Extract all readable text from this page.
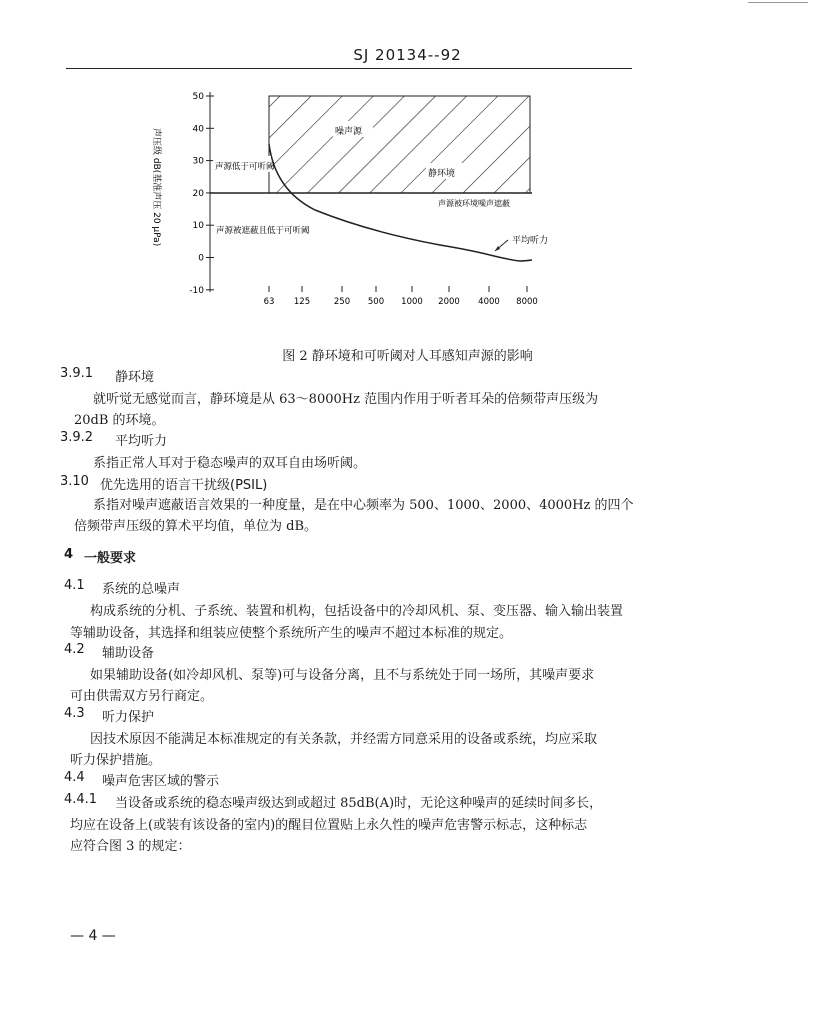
SJ 20134--92
50
40
30
20
10
0
-10
63 125	250 500 1000 2000 4000 8000
噪声源
静环境
声源低于可听阈
声源被环境噪声遮蔽
声源被遮蔽且低于可听阈
平均听力
声压级 dB(基准声压 20 μPa)
图 2 静环境和可听阈对人耳感知声源的影响
3.9.1 静环境
就听觉无感觉而言，静环境是从 63～8000Hz 范围内作用于听者耳朵的倍频带声压级为
20dB 的环境。
3.9.2 平均听力
系指正常人耳对于稳态噪声的双耳自由场听阈。
3.10 优先选用的语言干扰级(PSIL)
系指对噪声遮蔽语言效果的一种度量，是在中心频率为 500、1000、2000、4000Hz 的四个
倍频带声压级的算术平均值，单位为 dB。
4 一般要求
4.1 系统的总噪声
构成系统的分机、子系统、装置和机构，包括设备中的冷却风机、泵、变压器、输入输出装置
等辅助设备，其选择和组装应使整个系统所产生的噪声不超过本标准的规定。
4.2 辅助设备
如果辅助设备(如冷却风机、泵等)可与设备分离，且不与系统处于同一场所，其噪声要求
可由供需双方另行商定。
4.3 听力保护
因技术原因不能满足本标准规定的有关条款，并经需方同意采用的设备或系统，均应采取
听力保护措施。
4.4 噪声危害区域的警示
4.4.1 当设备或系统的稳态噪声级达到或超过 85dB(A)时，无论这种噪声的延续时间多长，
均应在设备上(或装有该设备的室内)的醒目位置贴上永久性的噪声危害警示标志，这种标志
应符合图 3 的规定：
— 4 —
